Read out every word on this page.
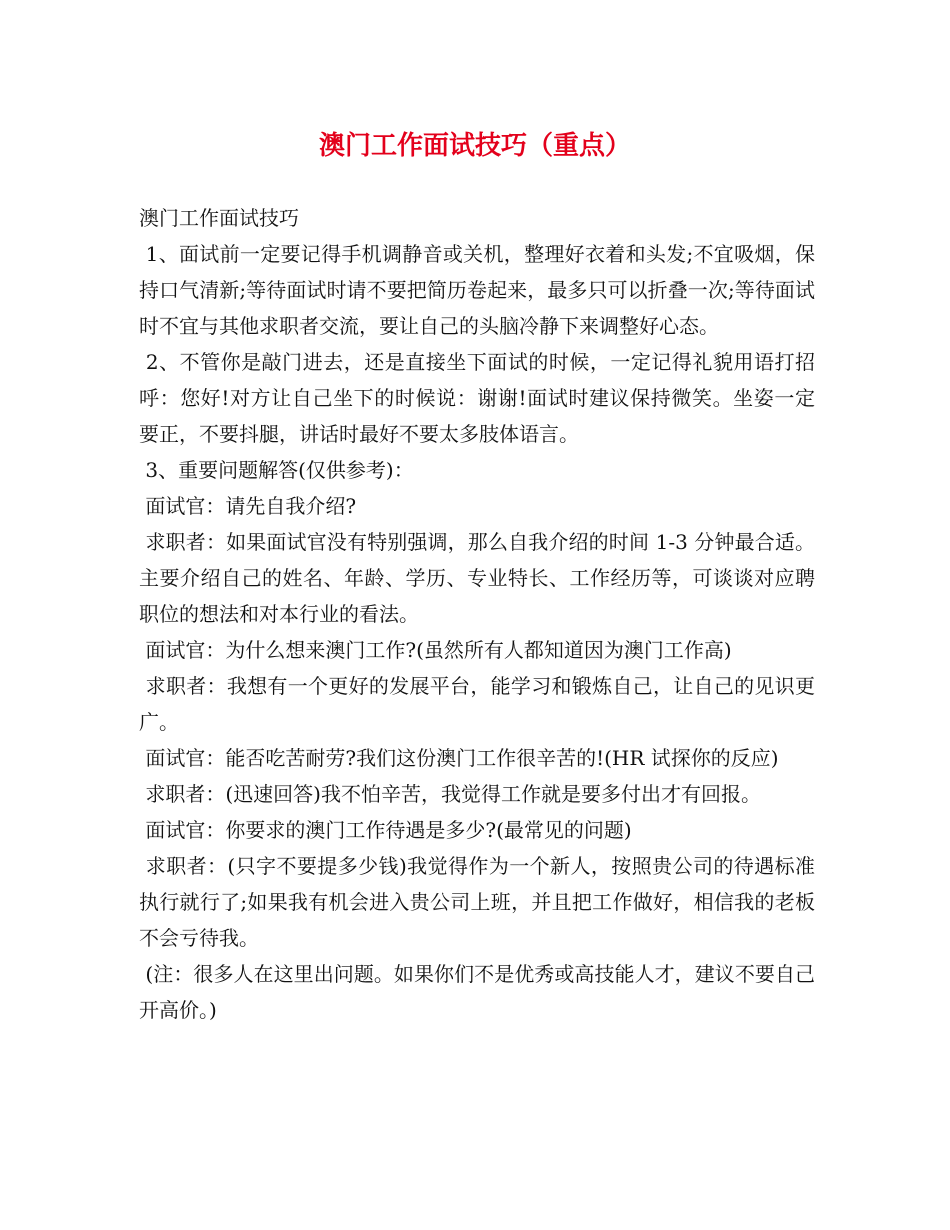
澳门工作面试技巧（重点）

澳门工作面试技巧

1、面试前一定要记得手机调静音或关机，整理好衣着和头发;不宜吸烟，保持口气清新;等待面试时请不要把简历卷起来，最多只可以折叠一次;等待面试时不宜与其他求职者交流，要让自己的头脑冷静下来调整好心态。

2、不管你是敲门进去，还是直接坐下面试的时候，一定记得礼貌用语打招呼：您好!对方让自己坐下的时候说：谢谢!面试时建议保持微笑。坐姿一定要正，不要抖腿，讲话时最好不要太多肢体语言。

3、重要问题解答(仅供参考)：

面试官：请先自我介绍?

求职者：如果面试官没有特别强调，那么自我介绍的时间 1-3 分钟最合适。主要介绍自己的姓名、年龄、学历、专业特长、工作经历等，可谈谈对应聘职位的想法和对本行业的看法。

面试官：为什么想来澳门工作?(虽然所有人都知道因为澳门工作高)

求职者：我想有一个更好的发展平台，能学习和锻炼自己，让自己的见识更广。

面试官：能否吃苦耐劳?我们这份澳门工作很辛苦的!(HR 试探你的反应)

求职者：(迅速回答)我不怕辛苦，我觉得工作就是要多付出才有回报。

面试官：你要求的澳门工作待遇是多少?(最常见的问题)

求职者：(只字不要提多少钱)我觉得作为一个新人，按照贵公司的待遇标准执行就行了;如果我有机会进入贵公司上班，并且把工作做好，相信我的老板不会亏待我。

(注：很多人在这里出问题。如果你们不是优秀或高技能人才，建议不要自己开高价。)
